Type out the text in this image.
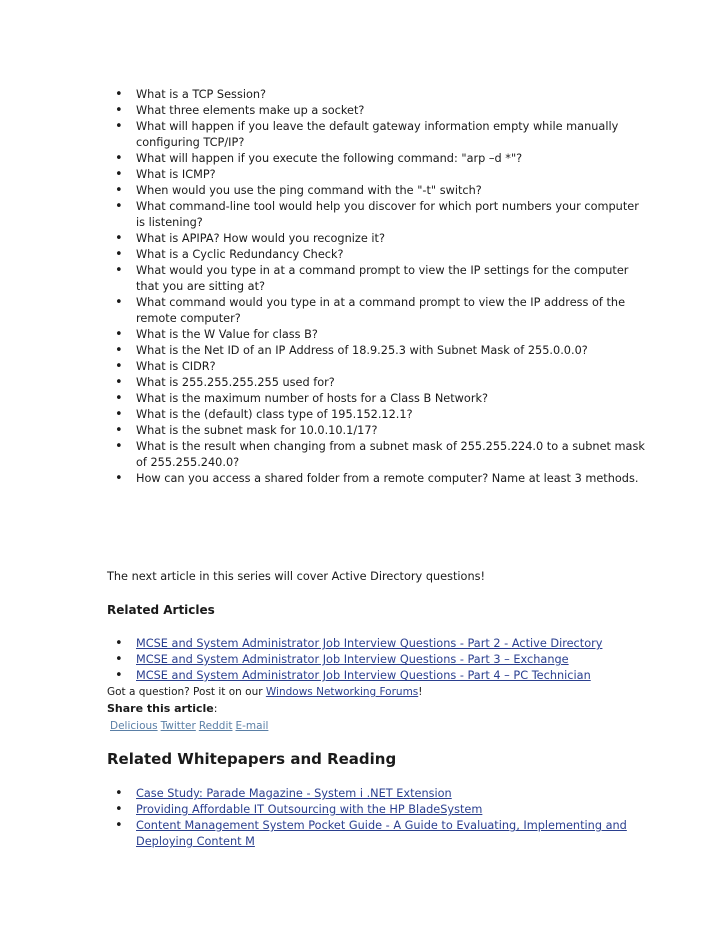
• What is a TCP Session?
• What three elements make up a socket?
• What will happen if you leave the default gateway information empty while manually configuring TCP/IP?
• What will happen if you execute the following command: "arp –d *"?
• What is ICMP?
• When would you use the ping command with the "-t" switch?
• What command-line tool would help you discover for which port numbers your computer is listening?
• What is APIPA? How would you recognize it?
• What is a Cyclic Redundancy Check?
• What would you type in at a command prompt to view the IP settings for the computer that you are sitting at?
• What command would you type in at a command prompt to view the IP address of the remote computer?
• What is the W Value for class B?
• What is the Net ID of an IP Address of 18.9.25.3 with Subnet Mask of 255.0.0.0?
• What is CIDR?
• What is 255.255.255.255 used for?
• What is the maximum number of hosts for a Class B Network?
• What is the (default) class type of 195.152.12.1?
• What is the subnet mask for 10.0.10.1/17?
• What is the result when changing from a subnet mask of 255.255.224.0 to a subnet mask of 255.255.240.0?
• How can you access a shared folder from a remote computer? Name at least 3 methods.
The next article in this series will cover Active Directory questions!
Related Articles
• MCSE and System Administrator Job Interview Questions - Part 2 - Active Directory
• MCSE and System Administrator Job Interview Questions - Part 3 – Exchange
• MCSE and System Administrator Job Interview Questions - Part 4 – PC Technician
Got a question? Post it on our Windows Networking Forums!
Share this article:
Delicious Twitter Reddit E-mail
Related Whitepapers and Reading
• Case Study: Parade Magazine - System i .NET Extension
• Providing Affordable IT Outsourcing with the HP BladeSystem
• Content Management System Pocket Guide - A Guide to Evaluating, Implementing and Deploying Content M
